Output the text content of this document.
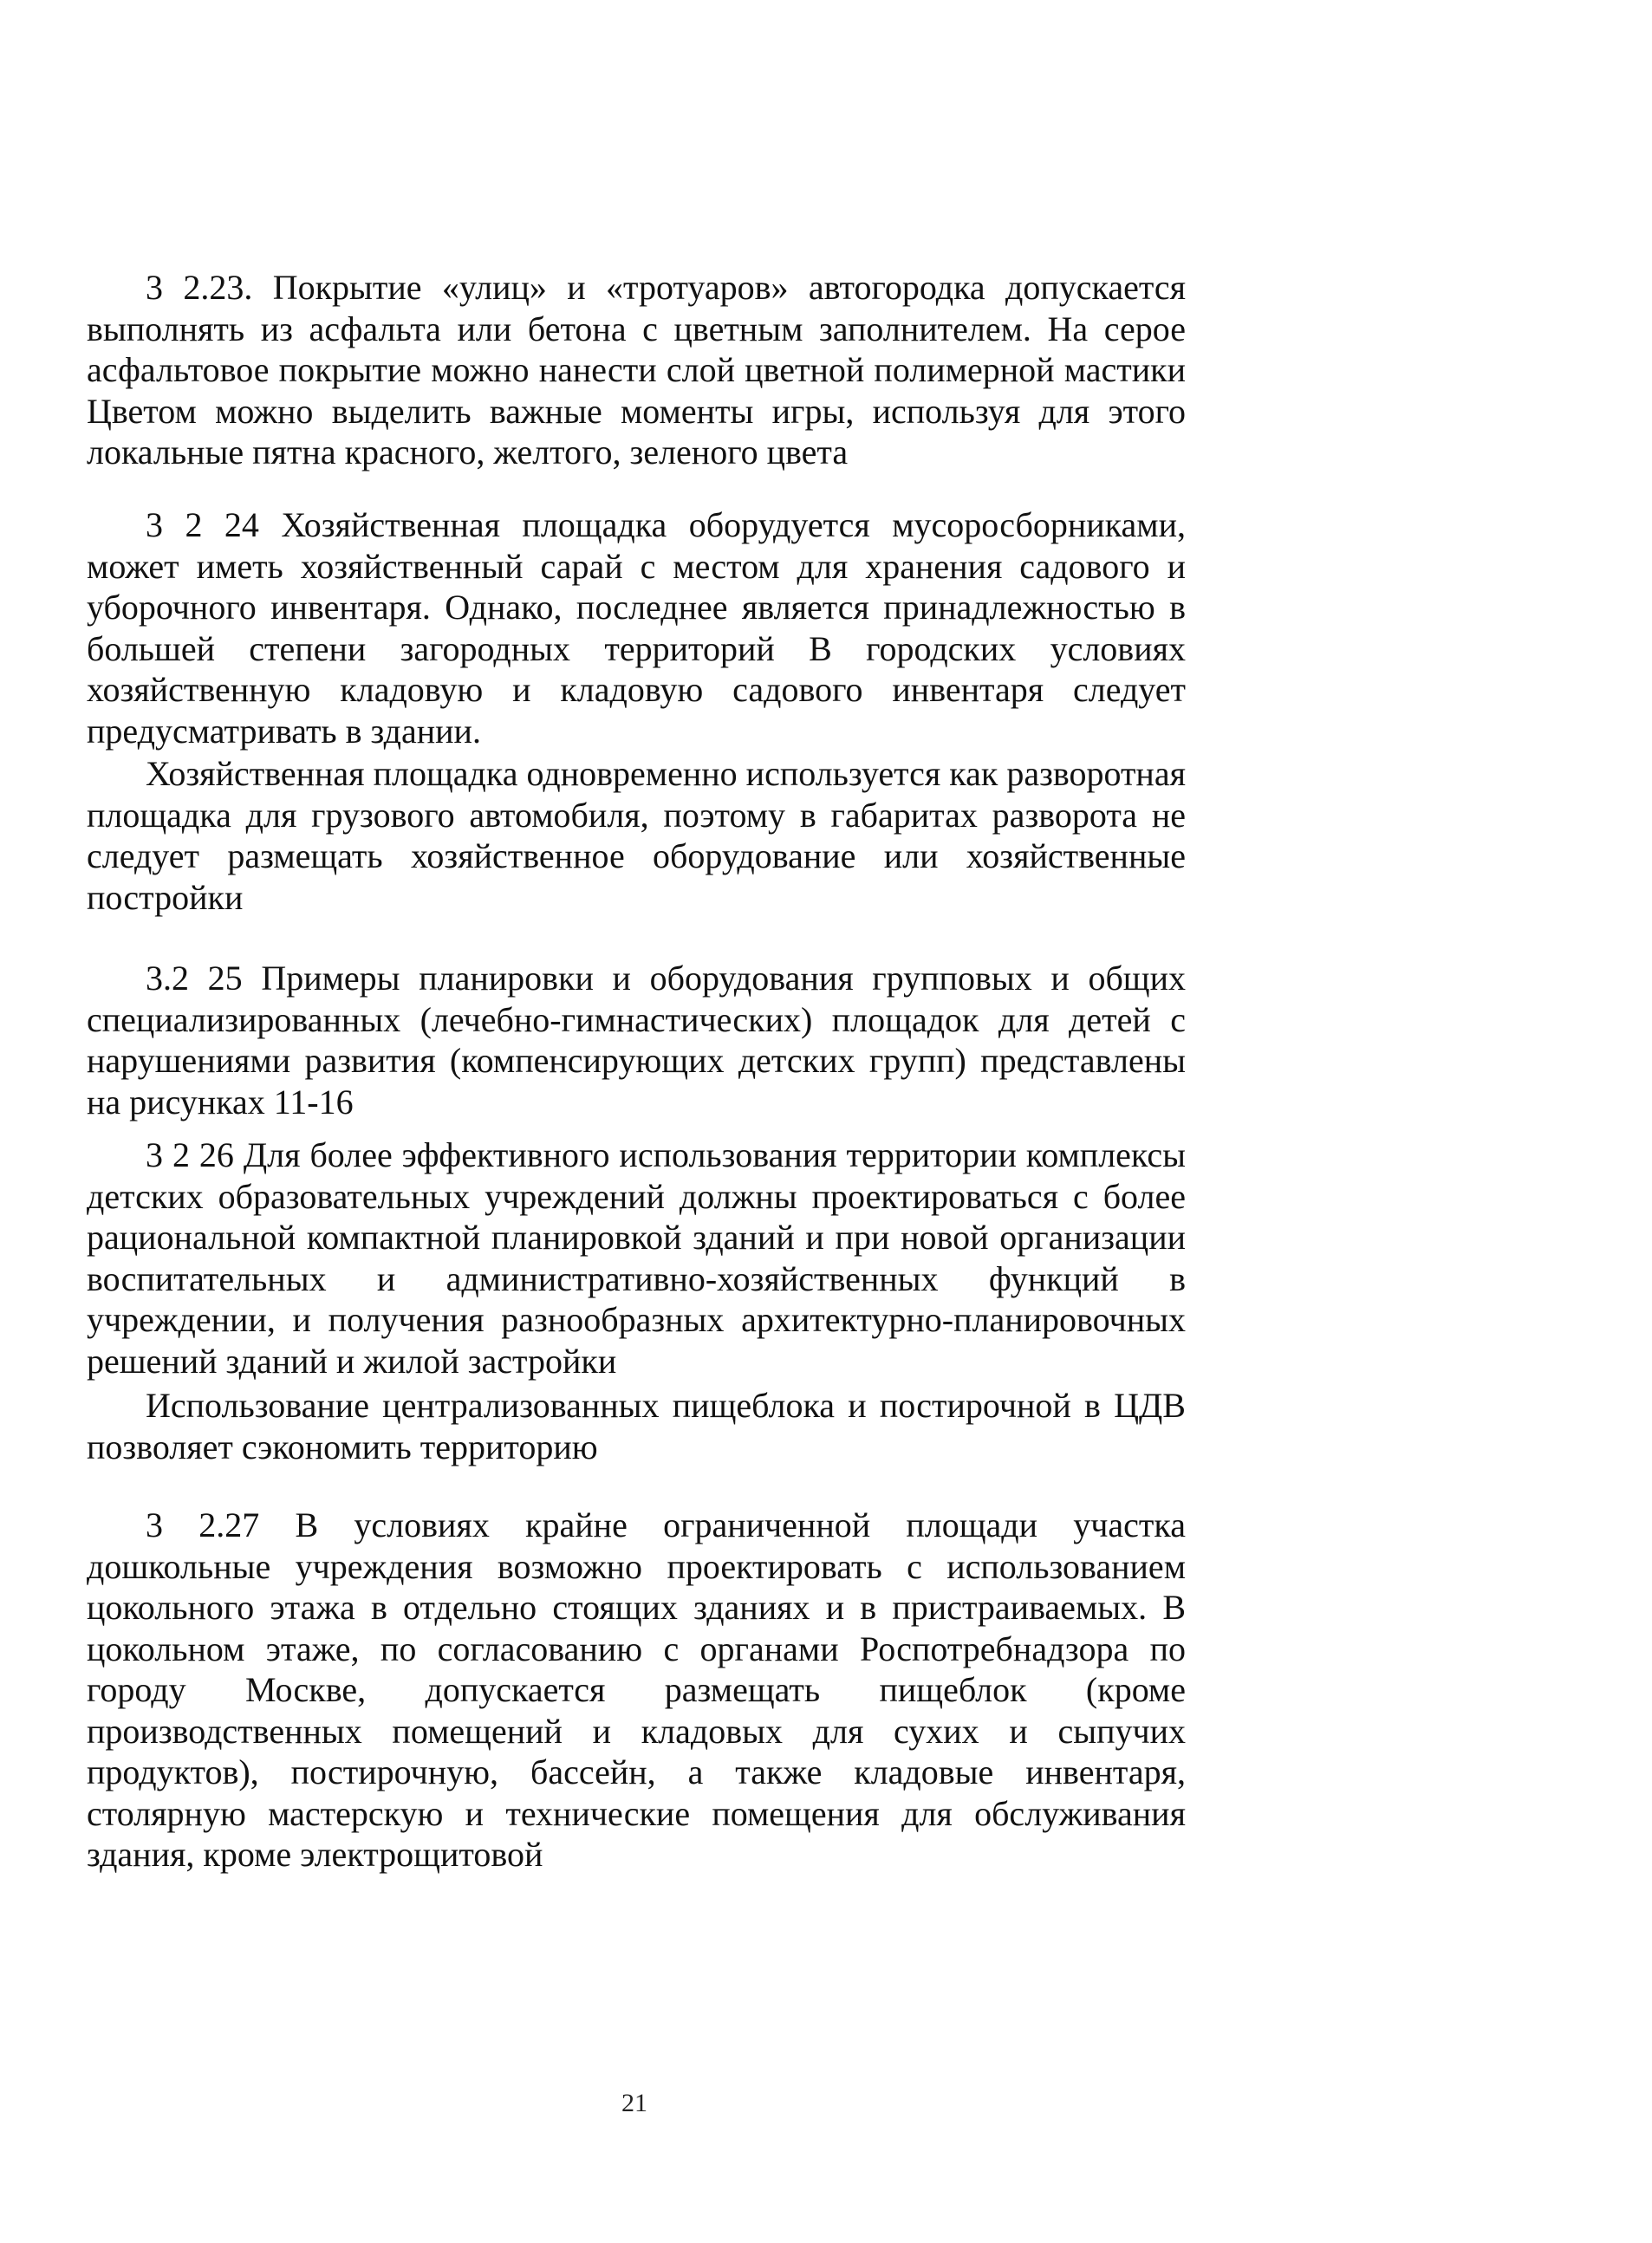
3 2.23. Покрытие «улиц» и «тротуаров» автогородка допускается выполнять из асфальта или бетона с цветным заполнителем. На серое асфальтовое покрытие можно нанести слой цветной полимерной мастики Цветом можно выделить важные моменты игры, используя для этого локальные пятна красного, желтого, зеленого цвета

3 2 24 Хозяйственная площадка оборудуется мусоросборниками, может иметь хозяйственный сарай с местом для хранения садового и уборочного инвентаря. Однако, последнее является принадлежностью в большей степени загородных территорий В городских условиях хозяйственную кладовую и кладовую садового инвентаря следует предусматривать в здании.

Хозяйственная площадка одновременно используется как разворотная площадка для грузового автомобиля, поэтому в габаритах разворота не следует размещать хозяйственное оборудование или хозяйственные постройки

3.2 25 Примеры планировки и оборудования групповых и общих специализированных (лечебно-гимнастических) площадок для детей с нарушениями развития (компенсирующих детских групп) представлены на рисунках 11-16

3 2 26 Для более эффективного использования территории комплексы детских образовательных учреждений должны проектироваться с более рациональной компактной планировкой зданий и при новой организации воспитательных и административно-хозяйственных функций в учреждении, и получения разнообразных архитектурно-планировочных решений зданий и жилой застройки

Использование централизованных пищеблока и постирочной в ЦДВ позволяет сэкономить территорию

3 2.27 В условиях крайне ограниченной площади участка дошкольные учреждения возможно проектировать с использованием цокольного этажа в отдельно стоящих зданиях и в пристраиваемых. В цокольном этаже, по согласованию с органами Роспотребнадзора по городу Москве, допускается размещать пищеблок (кроме производственных помещений и кладовых для сухих и сыпучих продуктов), постирочную, бассейн, а также кладовые инвентаря, столярную мастерскую и технические помещения для обслуживания здания, кроме электрощитовой

21
